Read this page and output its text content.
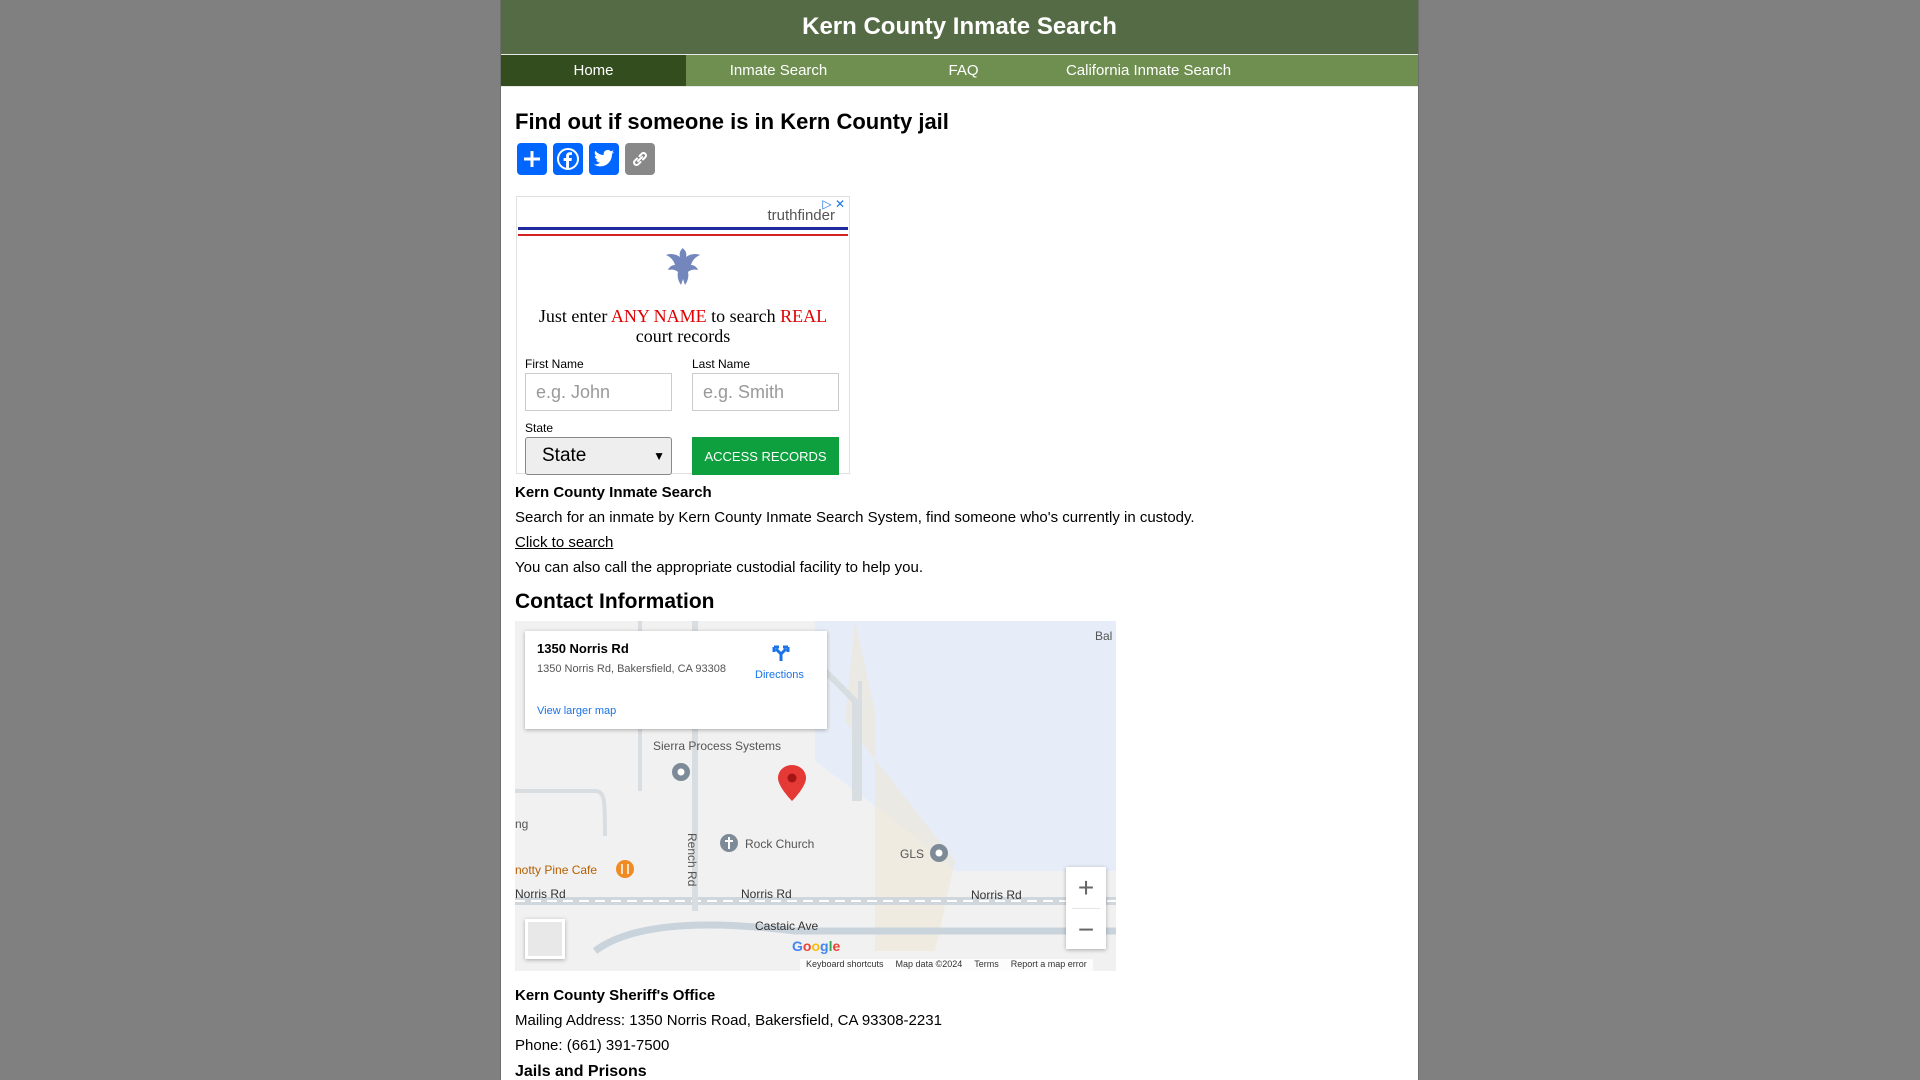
Kern County Inmate Search
Home	Inmate Search	FAQ	California Inmate Search
Find out if someone is in Kern County jail
▷ ✕
truthfinder
Just enter ANY NAME to search REAL
court records
First Name
e.g. John
Last Name
e.g. Smith
State
State	▼	ACCESS RECORDS
Kern County Inmate Search
Search for an inmate by Kern County Inmate Search System, find someone who's currently in custody.
Click to search
You can also call the appropriate custodial facility to help you.
Contact Information
1350 Norris Rd
1350 Norris Rd, Bakersfield, CA 93308
View larger map
Directions
Sierra Process Systems
Rock Church
GLS
notty Pine Cafe
Norris Rd	Norris Rd	Norris Rd
Rench Rd
Castaic Ave
Bal
ng
Google
+
−
Keyboard shortcuts Map data ©2024 Terms Report a map error
Kern County Sheriff's Office
Mailing Address: 1350 Norris Road, Bakersfield, CA 93308-2231
Phone: (661) 391-7500
Jails and Prisons
